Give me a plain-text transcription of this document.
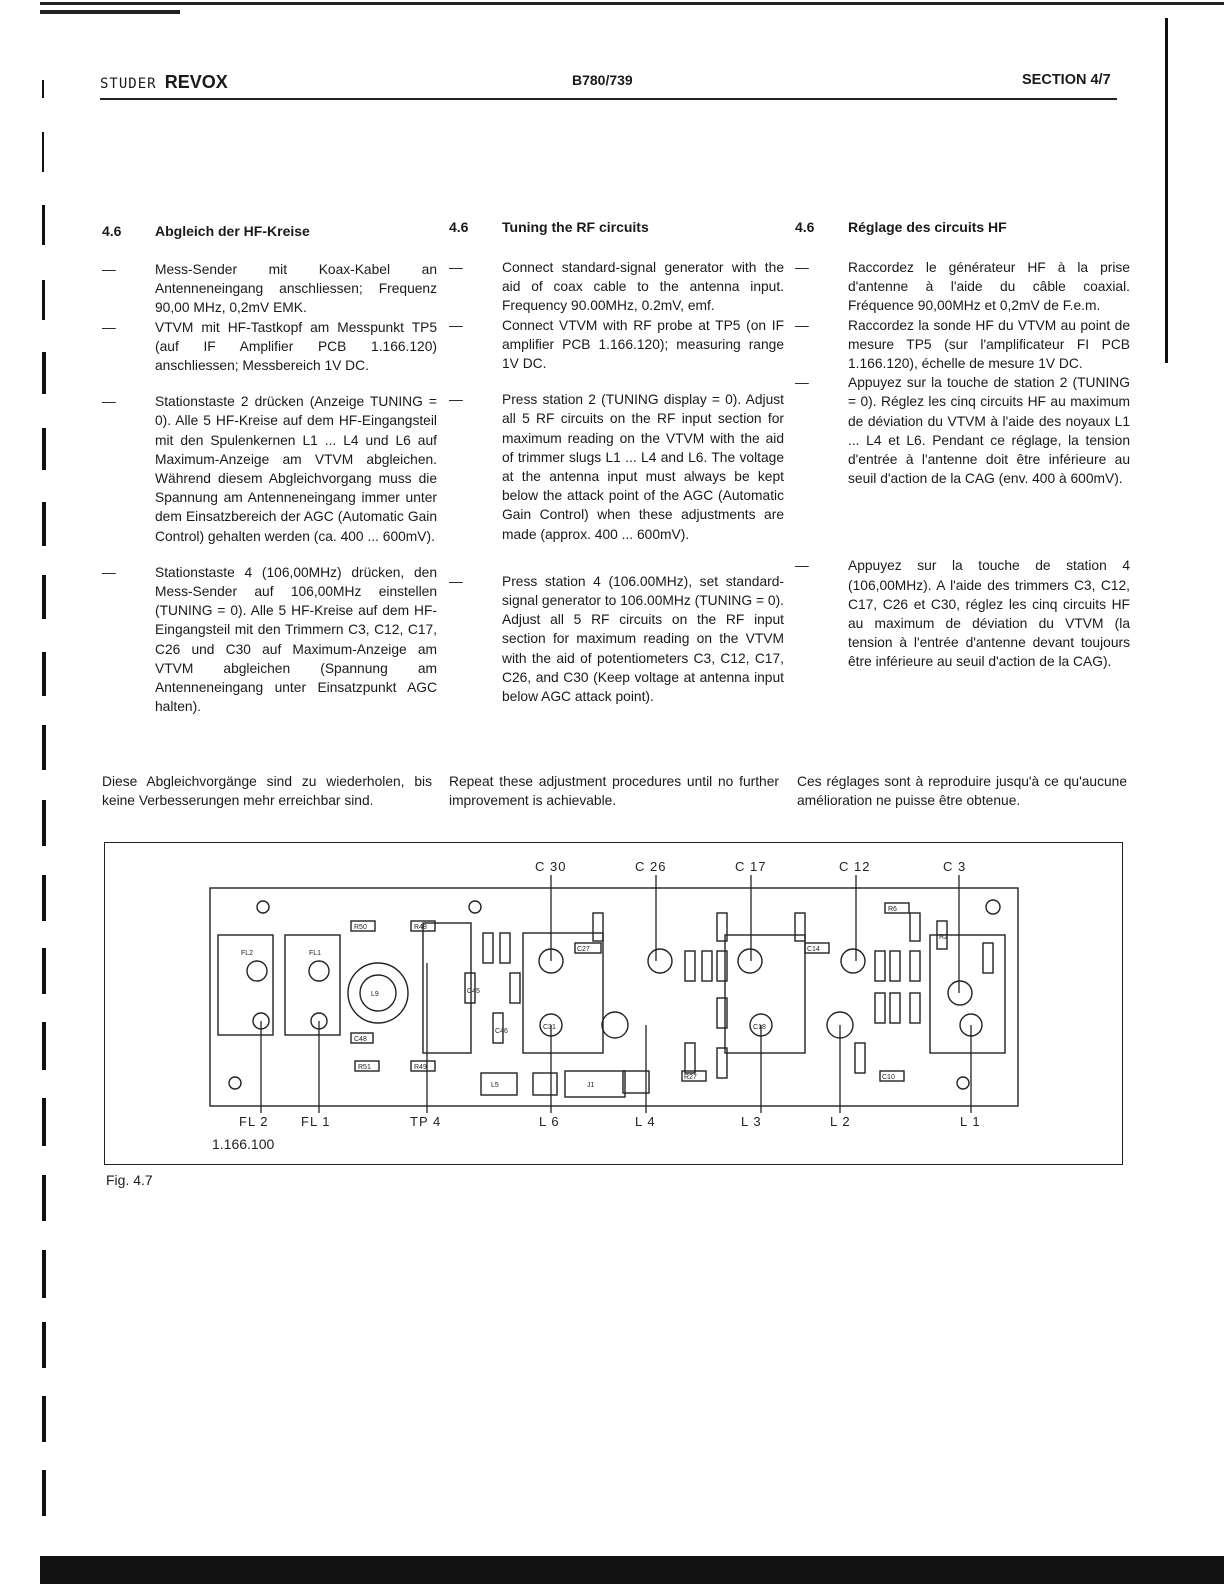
STUDER REVOX	B780/739	SECTION 4/7
4.6 Abgleich der HF-Kreise
—	Mess-Sender mit Koax-Kabel an Antenneneingang anschliessen; Frequenz 90,00 MHz, 0,2mV EMK.
—	VTVM mit HF-Tastkopf am Messpunkt TP5 (auf IF Amplifier PCB 1.166.120) anschliessen; Messbereich 1V DC.
—	Stationstaste 2 drücken (Anzeige TUNING = 0). Alle 5 HF-Kreise auf dem HF-Eingangsteil mit den Spulenkernen L1 ... L4 und L6 auf Maximum-Anzeige am VTVM abgleichen. Während diesem Abgleichvorgang muss die Spannung am Antenneneingang immer unter dem Einsatzbereich der AGC (Automatic Gain Control) gehalten werden (ca. 400 ... 600mV).
—	Stationstaste 4 (106,00MHz) drücken, den Mess-Sender auf 106,00MHz einstellen (TUNING = 0). Alle 5 HF-Kreise auf dem HF-Eingangsteil mit den Trimmern C3, C12, C17, C26 und C30 auf Maximum-Anzeige am VTVM abgleichen (Spannung am Antenneneingang unter Einsatzpunkt AGC halten).
4.6 Tuning the RF circuits
—	Connect standard-signal generator with the aid of coax cable to the antenna input. Frequency 90.00MHz, 0.2mV, emf.
—	Connect VTVM with RF probe at TP5 (on IF amplifier PCB 1.166.120); measuring range 1V DC.
—	Press station 2 (TUNING display = 0). Adjust all 5 RF circuits on the RF input section for maximum reading on the VTVM with the aid of trimmer slugs L1 ... L4 and L6. The voltage at the antenna input must always be kept below the attack point of the AGC (Automatic Gain Control) when these adjustments are made (approx. 400 ... 600mV).
—	Press station 4 (106.00MHz), set standard-signal generator to 106.00MHz (TUNING = 0). Adjust all 5 RF circuits on the RF input section for maximum reading on the VTVM with the aid of potentiometers C3, C12, C17, C26, and C30 (Keep voltage at antenna input below AGC attack point).
4.6 Réglage des circuits HF
—	Raccordez le générateur HF à la prise d'antenne à l'aide du câble coaxial. Fréquence 90,00MHz et 0,2mV de F.e.m.
—	Raccordez la sonde HF du VTVM au point de mesure TP5 (sur l'amplificateur FI PCB 1.166.120), échelle de mesure 1V DC.
—	Appuyez sur la touche de station 2 (TUNING = 0). Réglez les cinq circuits HF au maximum de déviation du VTVM à l'aide des noyaux L1 ... L4 et L6. Pendant ce réglage, la tension d'entrée à l'antenne doit être inférieure au seuil d'action de la CAG (env. 400 à 600mV).
—	Appuyez sur la touche de station 4 (106,00MHz). A l'aide des trimmers C3, C12, C17, C26 et C30, réglez les cinq circuits HF au maximum de déviation du VTVM (la tension à l'entrée d'antenne devant toujours être inférieure au seuil d'action de la CAG).
Diese Abgleichvorgänge sind zu wiederholen, bis keine Verbesserungen mehr erreichbar sind.
Repeat these adjustment procedures until no further improvement is achievable.
Ces réglages sont à reproduire jusqu'à ce qu'aucune amélioration ne puisse être obtenue.
C 30	C 26	C 17	C 12	C 3
FL 2 FL 1	TP 4	L 6	L 4	L 3	L 2	L 1
1.166.100
R50	R48
R51	R49
C48
C45
C46
L9
C31
C27
C18
C14
C10
R27
R6
R2
L5	J1
FL2	FL1
Fig. 4.7
